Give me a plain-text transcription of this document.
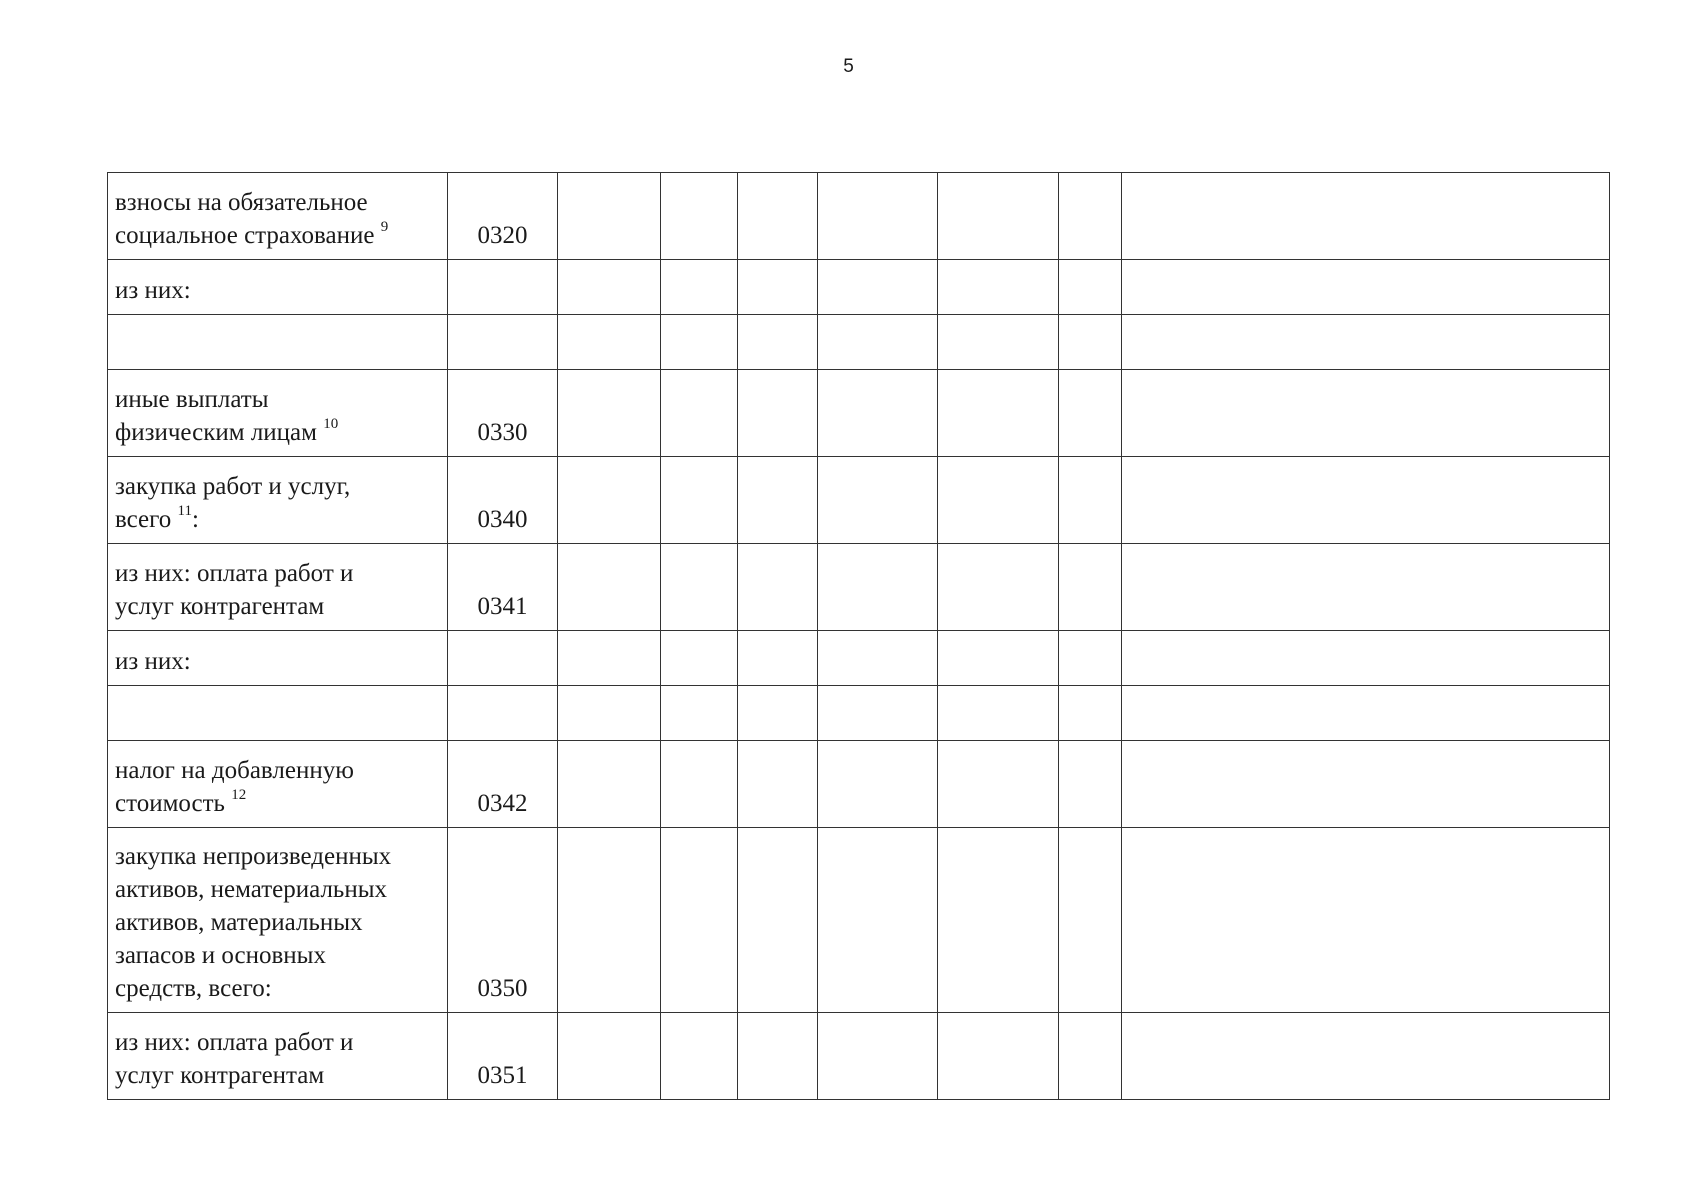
5
взносы на обязательное
социальное страхование $^9$	0320							
из них:								

иные выплаты
физическим лицам $^{10}$	0330							
закупка работ и услуг,
всего $^{11}$:	0340							
из них: оплата работ и
услуг контрагентам	0341							
из них:								

налог на добавленную
стоимость $^{12}$	0342							
закупка непроизведенных
активов, нематериальных
активов, материальных
запасов и основных
средств, всего:	0350							
из них: оплата работ и
услуг контрагентам	0351							
